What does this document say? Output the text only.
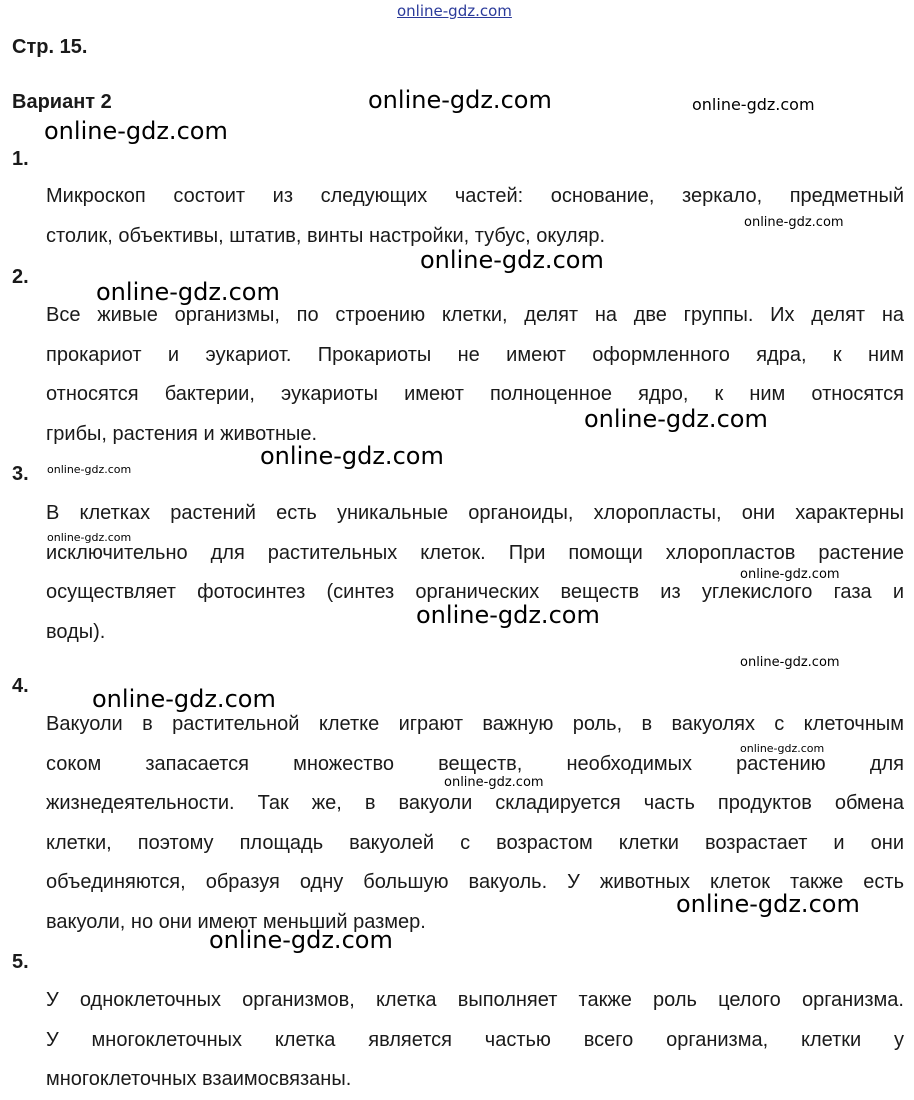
online-gdz.com
Стр. 15.
Вариант 2
1.
2.
3.
4.
5.
Микроскоп состоит из следующих частей: основание, зеркало, предметный
столик, объективы, штатив, винты настройки, тубус, окуляр.
Все живые организмы, по строению клетки, делят на две группы. Их делят на
прокариот и эукариот. Прокариоты не имеют оформленного ядра, к ним
относятся бактерии, эукариоты имеют полноценное ядро, к ним относятся
грибы, растения и животные.
В клетках растений есть уникальные органоиды, хлоропласты, они характерны
исключительно для растительных клеток. При помощи хлоропластов растение
осуществляет фотосинтез (синтез органических веществ из углекислого газа и
воды).
Вакуоли в растительной клетке играют важную роль, в вакуолях с клеточным
соком запасается множество веществ, необходимых растению для
жизнедеятельности. Так же, в вакуоли складируется часть продуктов обмена
клетки, поэтому площадь вакуолей с возрастом клетки возрастает и они
объединяются, образуя одну большую вакуоль. У животных клеток также есть
вакуоли, но они имеют меньший размер.
У одноклеточных организмов, клетка выполняет также роль целого организма.
У многоклеточных клетка является частью всего организма, клетки у
многоклеточных взаимосвязаны.
online-gdz.com	online-gdz.com
online-gdz.com
online-gdz.com
online-gdz.com
online-gdz.com
online-gdz.com
online-gdz.com
online-gdz.com
online-gdz.com
online-gdz.com
online-gdz.com
online-gdz.com
online-gdz.com
online-gdz.com
online-gdz.com
online-gdz.com
online-gdz.com
